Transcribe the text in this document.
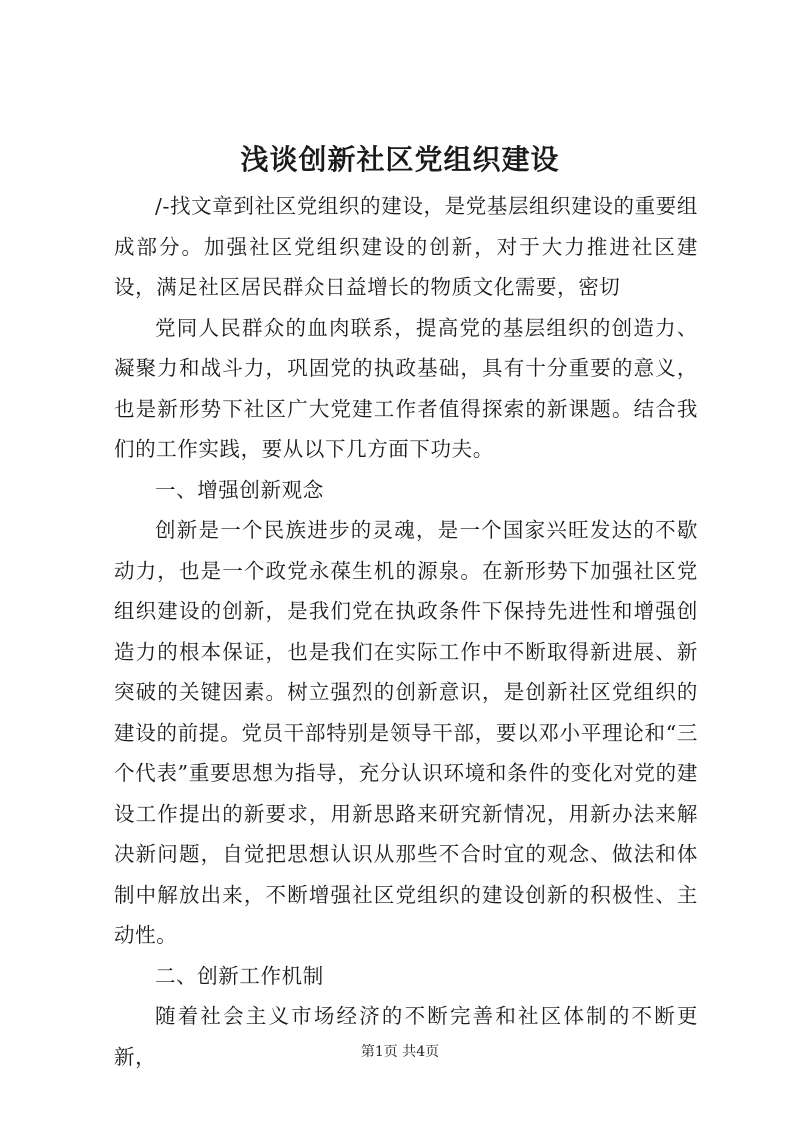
浅谈创新社区党组织建设

/-找文章到社区党组织的建设，是党基层组织建设的重要组成部分。加强社区党组织建设的创新，对于大力推进社区建设，满足社区居民群众日益增长的物质文化需要，密切

党同人民群众的血肉联系，提高党的基层组织的创造力、凝聚力和战斗力，巩固党的执政基础，具有十分重要的意义，也是新形势下社区广大党建工作者值得探索的新课题。结合我们的工作实践，要从以下几方面下功夫。

一、增强创新观念

创新是一个民族进步的灵魂，是一个国家兴旺发达的不歇动力，也是一个政党永葆生机的源泉。在新形势下加强社区党组织建设的创新，是我们党在执政条件下保持先进性和增强创造力的根本保证，也是我们在实际工作中不断取得新进展、新突破的关键因素。树立强烈的创新意识，是创新社区党组织的建设的前提。党员干部特别是领导干部，要以邓小平理论和“三个代表”重要思想为指导，充分认识环境和条件的变化对党的建设工作提出的新要求，用新思路来研究新情况，用新办法来解决新问题，自觉把思想认识从那些不合时宜的观念、做法和体制中解放出来，不断增强社区党组织的建设创新的积极性、主动性。

二、创新工作机制

随着社会主义市场经济的不断完善和社区体制的不断更新，	第1页 共4页
